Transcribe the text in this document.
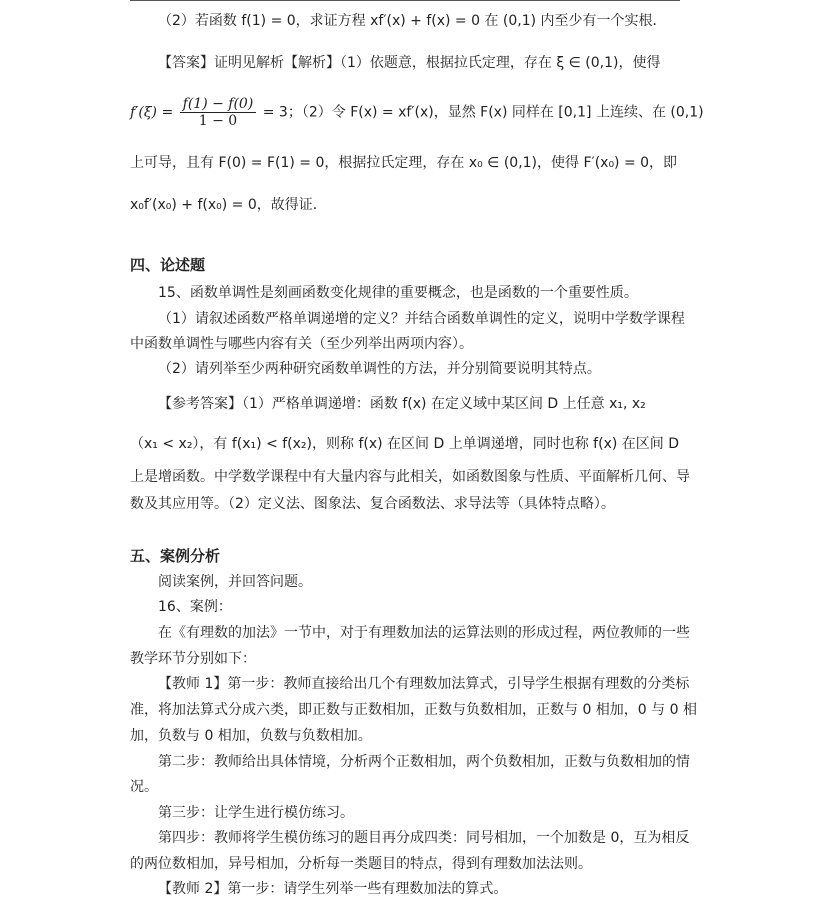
（2）若函数 f(1) = 0，求证方程 xf′(x) + f(x) = 0 在 (0,1) 内至少有一个实根．
【答案】证明见解析【解析】（1）依题意，根据拉氏定理，存在 ξ ∈ (0,1)，使得
$f'(\xi) = \frac{f(1) - f(0)}{1 - 0} = 3$；（2）令 F(x) = xf′(x)，显然 F(x) 同样在 [0,1] 上连续、在 (0,1)
上可导，且有 F(0) = F(1) = 0，根据拉氏定理，存在 x₀ ∈ (0,1)，使得 F′(x₀) = 0，即
x₀f′(x₀) + f(x₀) = 0，故得证．
四、论述题
15、函数单调性是刻画函数变化规律的重要概念，也是函数的一个重要性质。
（1）请叙述函数严格单调递增的定义？并结合函数单调性的定义，说明中学数学课程
中函数单调性与哪些内容有关（至少列举出两项内容）。
（2）请列举至少两种研究函数单调性的方法，并分别简要说明其特点。
【参考答案】（1）严格单调递增：函数 f(x) 在定义域中某区间 D 上任意 x₁, x₂
（x₁ < x₂），有 f(x₁) < f(x₂)，则称 f(x) 在区间 D 上单调递增，同时也称 f(x) 在区间 D
上是增函数。中学数学课程中有大量内容与此相关，如函数图象与性质、平面解析几何、导
数及其应用等。（2）定义法、图象法、复合函数法、求导法等（具体特点略）。
五、案例分析
阅读案例，并回答问题。
16、案例：
在《有理数的加法》一节中，对于有理数加法的运算法则的形成过程，两位教师的一些
教学环节分别如下：
【教师 1】第一步：教师直接给出几个有理数加法算式，引导学生根据有理数的分类标
准，将加法算式分成六类，即正数与正数相加，正数与负数相加，正数与 0 相加，0 与 0 相
加，负数与 0 相加，负数与负数相加。
第二步：教师给出具体情境，分析两个正数相加，两个负数相加，正数与负数相加的情
况。
第三步：让学生进行模仿练习。
第四步：教师将学生模仿练习的题目再分成四类：同号相加，一个加数是 0，互为相反
的两位数相加，异号相加，分析每一类题目的特点，得到有理数加法法则。
【教师 2】第一步：请学生列举一些有理数加法的算式。
